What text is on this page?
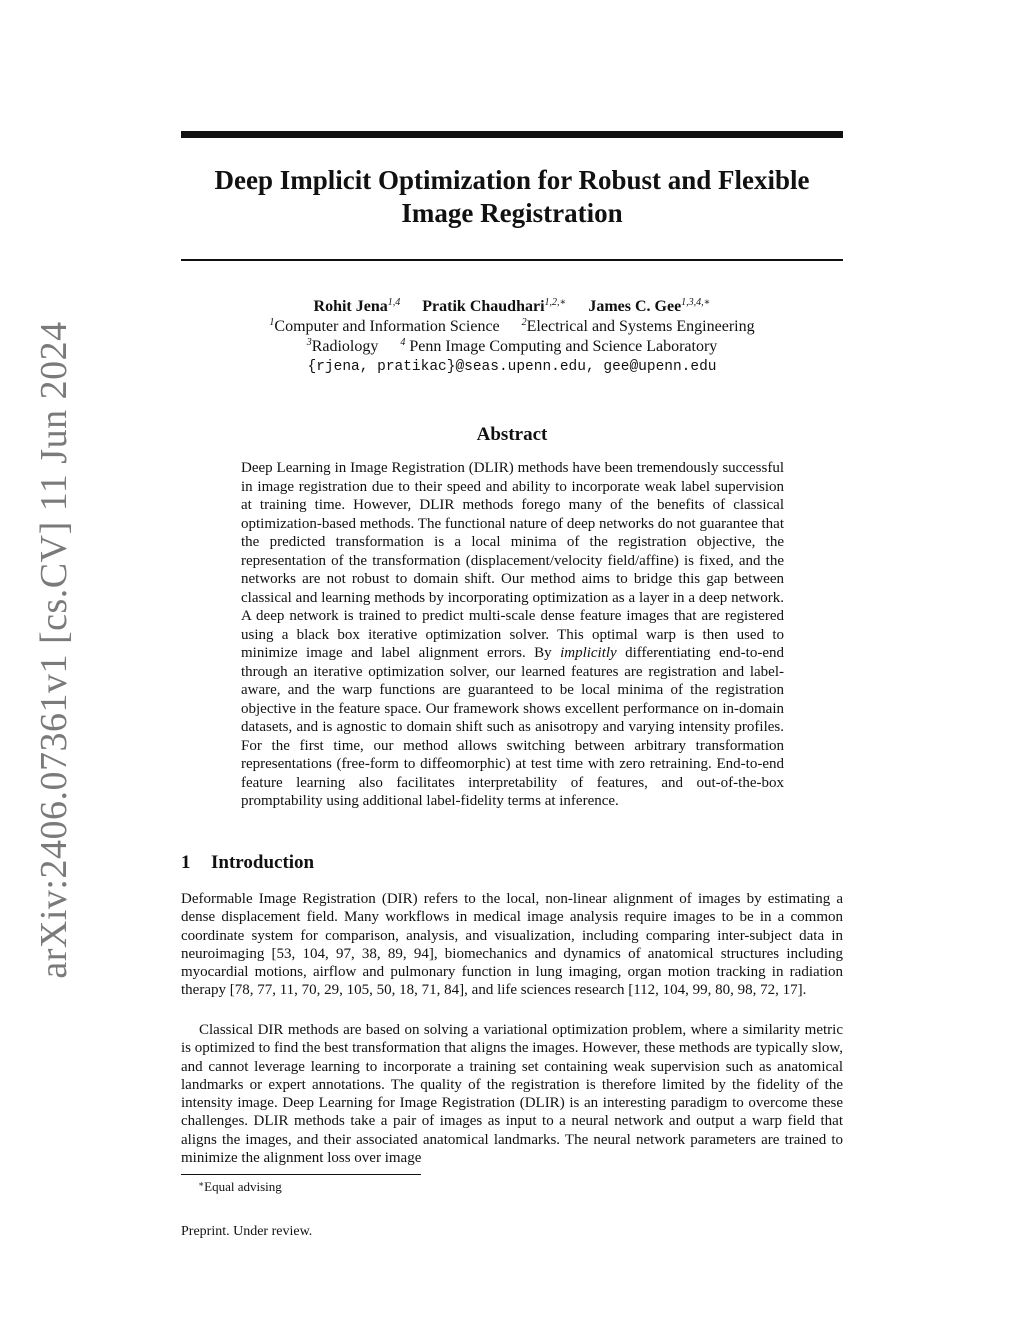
arXiv:2406.07361v1 [cs.CV] 11 Jun 2024
Deep Implicit Optimization for Robust and Flexible
Image Registration
Rohit Jena$^{1,4}$ Pratik Chaudhari$^{1,2,∗}$ James C. Gee$^{1,3,4,∗}$
$^1$Computer and Information Science $^2$Electrical and Systems Engineering
$^3$Radiology $^4$ Penn Image Computing and Science Laboratory
{rjena, pratikac}@seas.upenn.edu, gee@upenn.edu
Abstract
Deep Learning in Image Registration (DLIR) methods have been tremendously successful in image registration due to their speed and ability to incorporate weak label supervision at training time. However, DLIR methods forego many of the benefits of classical optimization-based methods. The functional nature of deep networks do not guarantee that the predicted transformation is a local minima of the registration objective, the representation of the transformation (displacement/velocity field/affine) is fixed, and the networks are not robust to domain shift. Our method aims to bridge this gap between classical and learning methods by incorporating optimization as a layer in a deep network. A deep network is trained to predict multi-scale dense feature images that are registered using a black box iterative optimization solver. This optimal warp is then used to minimize image and label alignment errors. By implicitly differentiating end-to-end through an iterative optimization solver, our learned features are registration and label-aware, and the warp functions are guaranteed to be local minima of the registration objective in the feature space. Our framework shows excellent performance on in-domain datasets, and is agnostic to domain shift such as anisotropy and varying intensity profiles. For the first time, our method allows switching between arbitrary transformation representations (free-form to diffeomorphic) at test time with zero retraining. End-to-end feature learning also facilitates interpretability of features, and out-of-the-box promptability using additional label-fidelity terms at inference.
1 Introduction

Deformable Image Registration (DIR) refers to the local, non-linear alignment of images by estimating a dense displacement field. Many workflows in medical image analysis require images to be in a common coordinate system for comparison, analysis, and visualization, including comparing inter-subject data in neuroimaging [53, 104, 97, 38, 89, 94], biomechanics and dynamics of anatomical structures including myocardial motions, airflow and pulmonary function in lung imaging, organ motion tracking in radiation therapy [78, 77, 11, 70, 29, 105, 50, 18, 71, 84], and life sciences research [112, 104, 99, 80, 98, 72, 17].

Classical DIR methods are based on solving a variational optimization problem, where a similarity metric is optimized to find the best transformation that aligns the images. However, these methods are typically slow, and cannot leverage learning to incorporate a training set containing weak supervision such as anatomical landmarks or expert annotations. The quality of the registration is therefore limited by the fidelity of the intensity image. Deep Learning for Image Registration (DLIR) is an interesting paradigm to overcome these challenges. DLIR methods take a pair of images as input to a neural network and output a warp field that aligns the images, and their associated anatomical landmarks. The neural network parameters are trained to minimize the alignment loss over image

∗Equal advising
Preprint. Under review.
